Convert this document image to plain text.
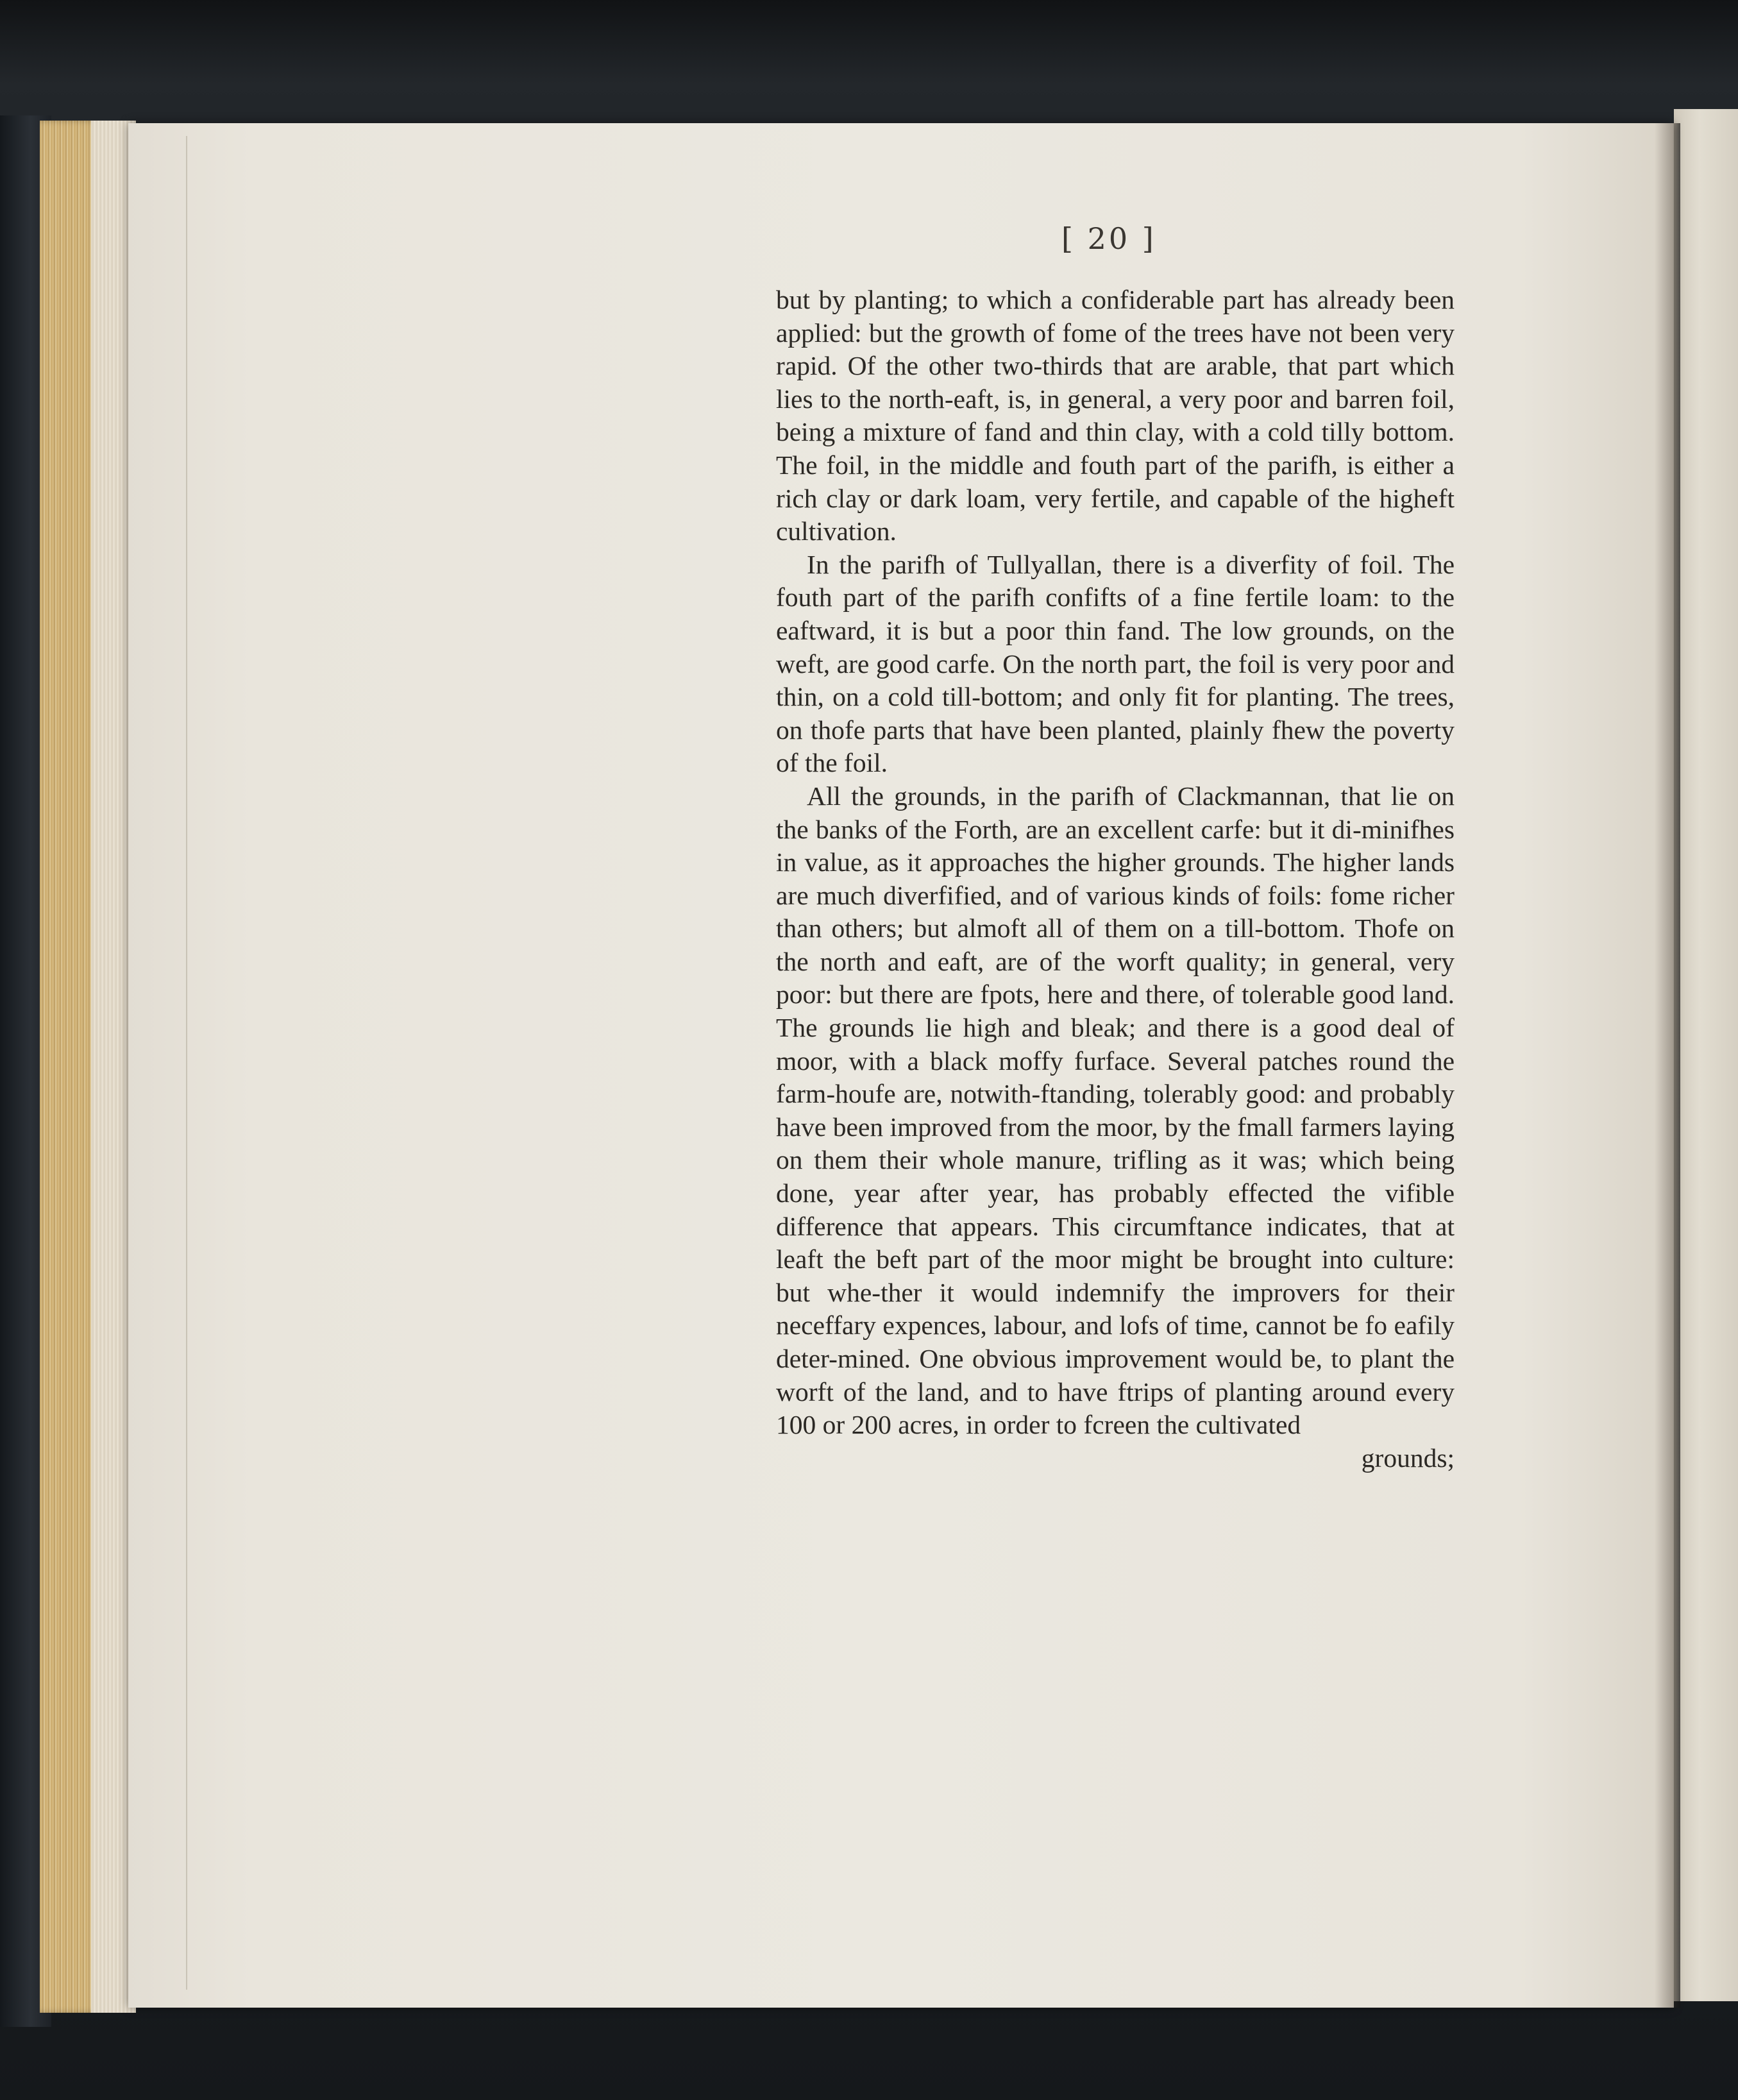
[ 20 ]

but by planting; to which a confiderable part has already been applied: but the growth of fome of the trees have not been very rapid. Of the other two-thirds that are arable, that part which lies to the north-eaft, is, in general, a very poor and barren foil, being a mixture of fand and thin clay, with a cold tilly bottom. The foil, in the middle and fouth part of the parifh, is either a rich clay or dark loam, very fertile, and capable of the higheft cultivation.

In the parifh of Tullyallan, there is a diverfity of foil. The fouth part of the parifh confifts of a fine fertile loam: to the eaftward, it is but a poor thin fand. The low grounds, on the weft, are good carfe. On the north part, the foil is very poor and thin, on a cold till-bottom; and only fit for planting. The trees, on thofe parts that have been planted, plainly fhew the poverty of the foil.

All the grounds, in the parifh of Clackmannan, that lie on the banks of the Forth, are an excellent carfe: but it di-minifhes in value, as it approaches the higher grounds. The higher lands are much diverfified, and of various kinds of foils: fome richer than others; but almoft all of them on a till-bottom. Thofe on the north and eaft, are of the worft quality; in general, very poor: but there are fpots, here and there, of tolerable good land. The grounds lie high and bleak; and there is a good deal of moor, with a black moffy furface. Several patches round the farm-houfe are, notwith-ftanding, tolerably good: and probably have been improved from the moor, by the fmall farmers laying on them their whole manure, trifling as it was; which being done, year after year, has probably effected the vifible difference that appears. This circumftance indicates, that at leaft the beft part of the moor might be brought into culture: but whe-ther it would indemnify the improvers for their neceffary expences, labour, and lofs of time, cannot be fo eafily deter-mined. One obvious improvement would be, to plant the worft of the land, and to have ftrips of planting around every 100 or 200 acres, in order to fcreen the cultivated

grounds;
